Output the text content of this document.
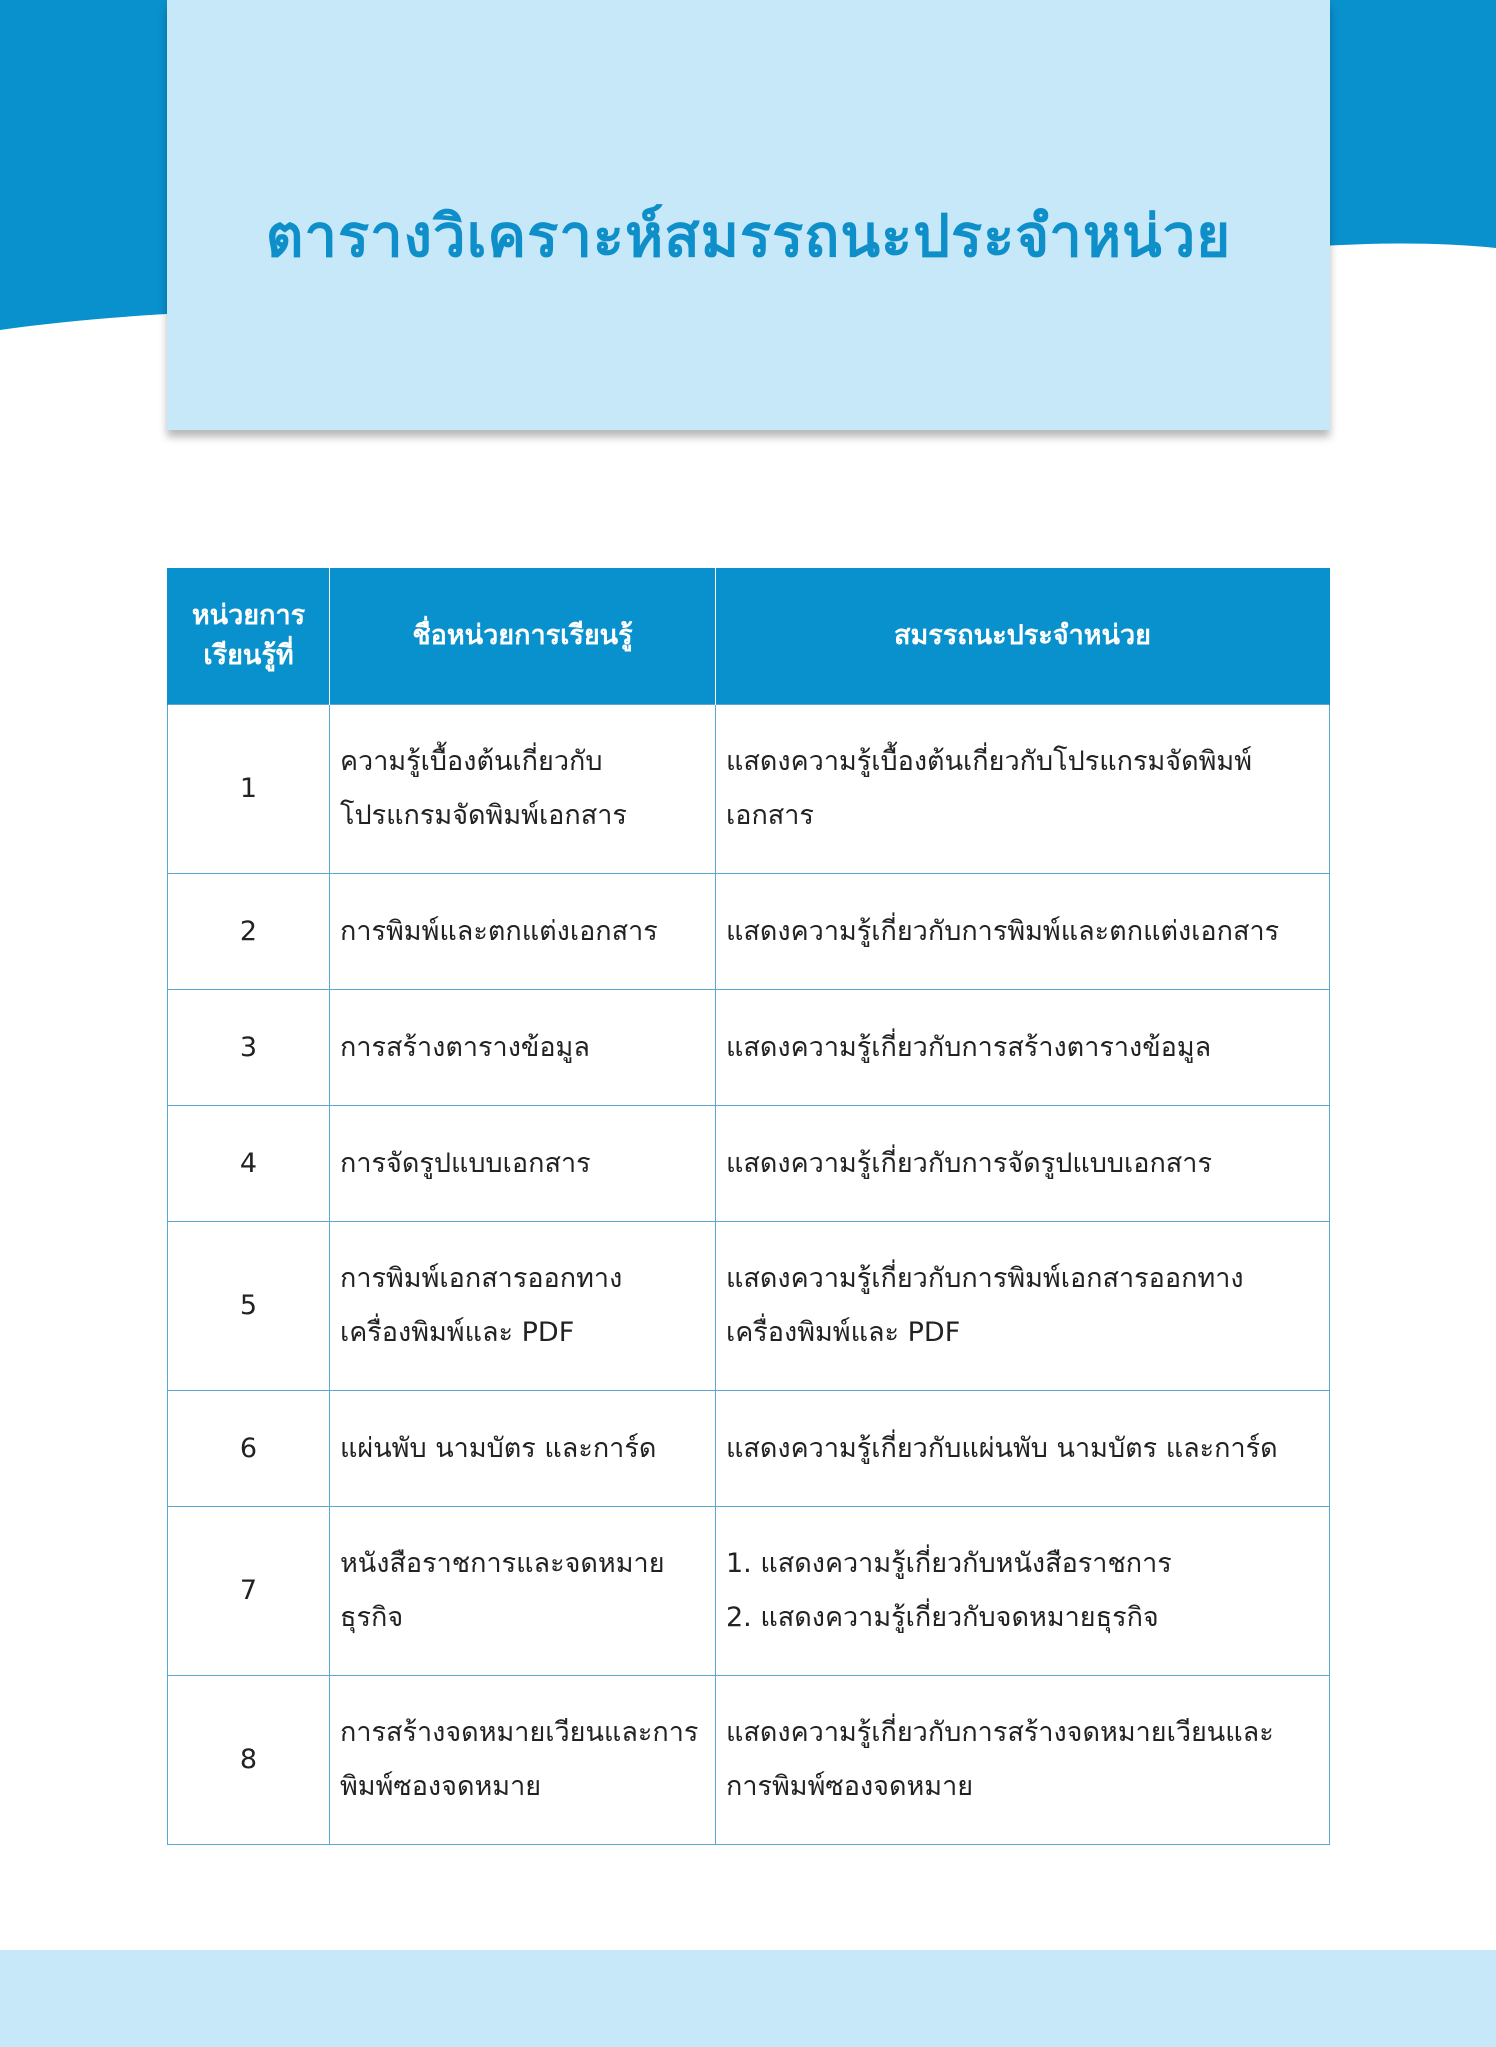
ตารางวิเคราะห์สมรรถนะประจำหน่วย
หน่วยการเรียนรู้ที่	ชื่อหน่วยการเรียนรู้	สมรรถนะประจำหน่วย
1	ความรู้เบื้องต้นเกี่ยวกับโปรแกรมจัดพิมพ์เอกสาร	แสดงความรู้เบื้องต้นเกี่ยวกับโปรแกรมจัดพิมพ์เอกสาร

2	การพิมพ์และตกแต่งเอกสาร	แสดงความรู้เกี่ยวกับการพิมพ์และตกแต่งเอกสาร

3	การสร้างตารางข้อมูล	แสดงความรู้เกี่ยวกับการสร้างตารางข้อมูล

4	การจัดรูปแบบเอกสาร	แสดงความรู้เกี่ยวกับการจัดรูปแบบเอกสาร

5	การพิมพ์เอกสารออกทางเครื่องพิมพ์และ PDF	แสดงความรู้เกี่ยวกับการพิมพ์เอกสารออกทางเครื่องพิมพ์และ PDF

6	แผ่นพับ นามบัตร และการ์ด	แสดงความรู้เกี่ยวกับแผ่นพับ นามบัตร และการ์ด

7	หนังสือราชการและจดหมายธุรกิจ	1. แสดงความรู้เกี่ยวกับหนังสือราชการ
2. แสดงความรู้เกี่ยวกับจดหมายธุรกิจ

8	การสร้างจดหมายเวียนและการพิมพ์ซองจดหมาย	แสดงความรู้เกี่ยวกับการสร้างจดหมายเวียนและการพิมพ์ซองจดหมาย
